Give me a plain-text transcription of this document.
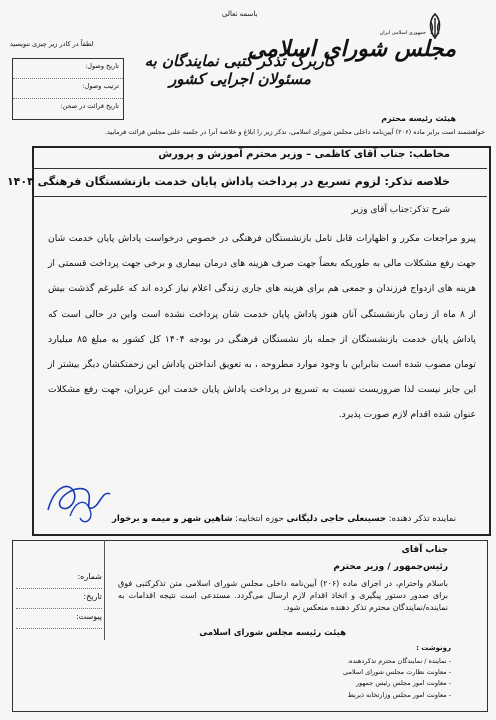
باسمه تعالی
جمهوری اسلامی ایران
مجلس شورای اسلامی
لطفاً در کادر زیر چیزی ننویسید
کاربرگ تذکر کتبی نمایندگان به مسئولان اجرایی کشور
تاریخ وصول:
ترتیب وصول:
تاریخ قرائت در صحن:
هیئت رئیسه محترم
خواهشمند است برابر ماده (۲۰۶) آیین‌نامه داخلی مجلس شورای اسلامی، تذکر زیر را ابلاغ و خلاصه آنرا در جلسه علنی مجلس قرائت فرمایید.
مخاطب: جناب آقای کاظمی – وزیر محترم آموزش و پرورش
خلاصه تذکر: لزوم تسریع در پرداخت پاداش پایان خدمت بازنشستگان فرهنگی ۱۴۰۳
شرح تذکر:جناب آقای وزیر
پیرو مراجعات مکرر و اظهارات قابل تامل بازنشستگان فرهنگی در خصوص درخواست پاداش پایان خدمت شان جهت رفع مشکلات مالی به طوریکه بعضاً جهت صرف هزینه های درمان بیماری و برخی جهت پرداخت قسمتی از هزینه های ازدواج فرزندان و جمعی هم برای هزینه های جاری زندگی اعلام نیاز کرده اند که علیرغم گذشت بیش از ۸ ماه از زمان بازنشستگی آنان هنوز پاداش پایان خدمت شان پرداخت نشده است واین در حالی است که پاداش پایان خدمت بازنشستگان از جمله باز نشستگان فرهنگی در بودجه ۱۴۰۴ کل کشور به مبلغ ۸۵ میلیارد تومان مصوب شده است بنابراین با وجود موارد مطروحه ، به تعویق انداختن پاداش این زحمتکشان دیگر بیشتر از این جایز نیست لذا ضروریست نسبت به تسریع در پرداخت پاداش پایان خدمت این عزیزان، جهت رفع مشکلات عنوان شده اقدام لازم صورت پذیرد.
نماینده تذکر دهنده: حسینعلی حاجی دلیگانی حوزه انتخابیه: شاهین شهر و میمه و برخوار
جناب آقای
رئیس‌جمهور / وزیر محترم
باسلام واحترام، در اجرای ماده (۲۰۶) آیین‌نامه داخلی مجلس شورای اسلامی متن تذکرکتبی فوق برای صدور دستور پیگیری و اتخاذ اقدام لازم ارسال می‌گردد. مستدعی است نتیجه اقدامات به نماینده/نمایندگان محترم تذکر دهنده منعکس شود.
هیئت رئیسه مجلس شورای اسلامی
شماره:
تاریخ:
پیوست:
رونوشت :
- نماینده / نمایندگان محترم تذکردهنده.
- معاونت نظارت مجلس شورای اسلامی
- معاونت امور مجلس رئیس جمهور
- معاونت امور مجلس وزارتخانه ذیربط
